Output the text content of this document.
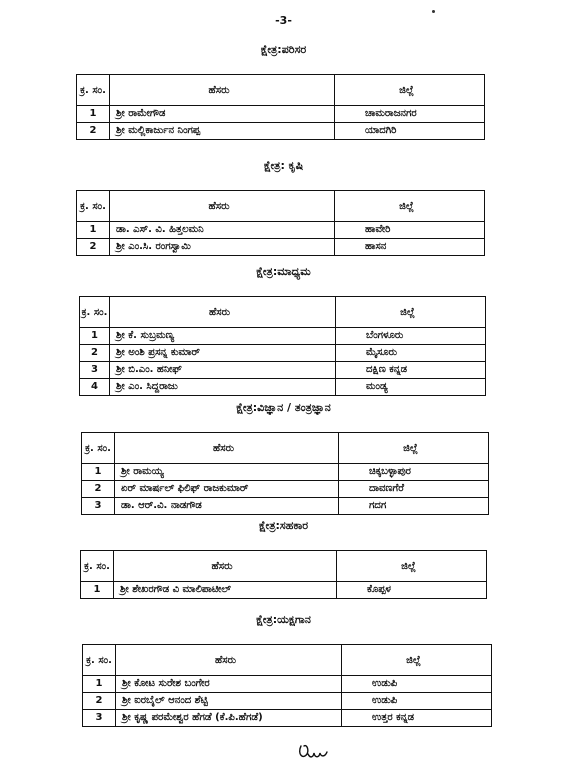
-3-
ಕ್ಷೇತ್ರ:ಪರಿಸರ
ಕ್ರ. ಸಂ.	ಹೆಸರು	ಜಿಲ್ಲೆ
1	ಶ್ರೀ ರಾಮೇಗೌಡ	ಚಾಮರಾಜನಗರ
2	ಶ್ರೀ ಮಲ್ಲಿಕಾರ್ಜುನ ನಿಂಗಪ್ಪ	ಯಾದಗಿರಿ
ಕ್ಷೇತ್ರ: ಕೃಷಿ
ಕ್ರ. ಸಂ.	ಹೆಸರು	ಜಿಲ್ಲೆ
1	ಡಾ. ಎಸ್. ವಿ. ಹಿತ್ತಲಮನಿ	ಹಾವೇರಿ
2	ಶ್ರೀ ಎಂ.ಸಿ. ರಂಗಸ್ವಾಮಿ	ಹಾಸನ
ಕ್ಷೇತ್ರ:ಮಾಧ್ಯಮ
ಕ್ರ. ಸಂ.	ಹೆಸರು	ಜಿಲ್ಲೆ
1	ಶ್ರೀ ಕೆ. ಸುಬ್ರಮಣ್ಯ	ಬೆಂಗಳೂರು
2	ಶ್ರೀ ಅಂಶಿ ಪ್ರಸನ್ನ ಕುಮಾರ್	ಮೈಸೂರು
3	ಶ್ರೀ ಬಿ.ಎಂ. ಹನೀಫ್	ದಕ್ಷಿಣ ಕನ್ನಡ
4	ಶ್ರೀ ಎಂ. ಸಿದ್ದರಾಜು	ಮಂಡ್ಯ
ಕ್ಷೇತ್ರ:ವಿಜ್ಞಾನ / ತಂತ್ರಜ್ಞಾನ
ಕ್ರ. ಸಂ.	ಹೆಸರು	ಜಿಲ್ಲೆ
1	ಶ್ರೀ ರಾಮಯ್ಯ	ಚಿಕ್ಕಬಳ್ಳಾಪುರ
2	ಏರ್ ಮಾರ್ಷಲ್ ಫಿಲಿಫ್ ರಾಜಕುಮಾರ್	ದಾವಣಗೆರೆ
3	ಡಾ. ಆರ್.ವಿ. ನಾಡಗೌಡ	ಗದಗ
ಕ್ಷೇತ್ರ:ಸಹಕಾರ
ಕ್ರ. ಸಂ.	ಹೆಸರು	ಜಿಲ್ಲೆ
1	ಶ್ರೀ ಶೇಖರಗೌಡ ವಿ ಮಾಲಿಪಾಟೀಲ್	ಕೊಪ್ಪಳ
ಕ್ಷೇತ್ರ:ಯಕ್ಷಗಾನ
ಕ್ರ. ಸಂ.	ಹೆಸರು	ಜಿಲ್ಲೆ
1	ಶ್ರೀ ಕೋಟ ಸುರೇಶ ಬಂಗೇರ	ಉಡುಪಿ
2	ಶ್ರೀ ಐರಬೈಲ್ ಆನಂದ ಶೆಟ್ಟಿ	ಉಡುಪಿ
3	ಶ್ರೀ ಕೃಷ್ಣ ಪರಮೇಶ್ವರ ಹೆಗಡೆ (ಕೆ.ಪಿ.ಹೆಗಡೆ)	ಉತ್ತರ ಕನ್ನಡ
